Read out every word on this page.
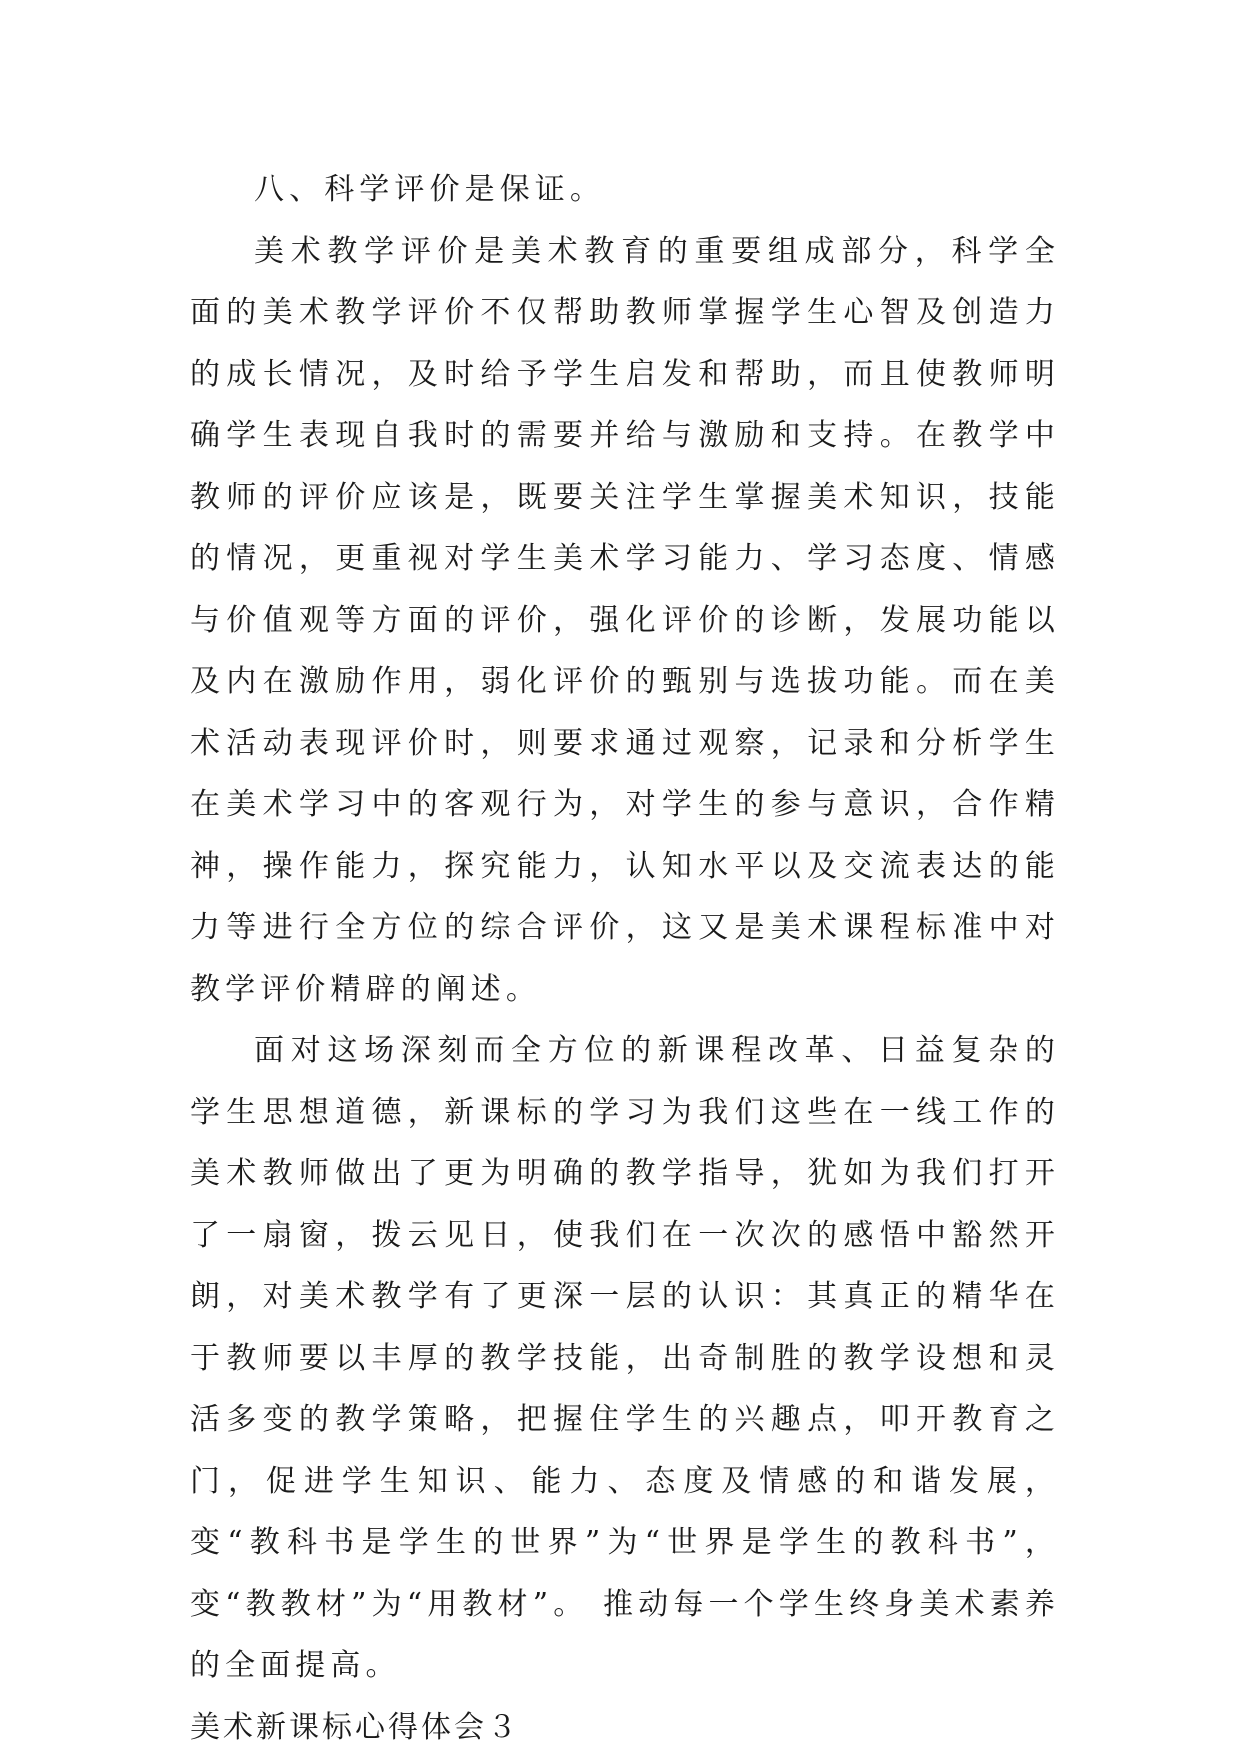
八、科学评价是保证。

美术教学评价是美术教育的重要组成部分，科学全面的美术教学评价不仅帮助教师掌握学生心智及创造力的成长情况，及时给予学生启发和帮助，而且使教师明确学生表现自我时的需要并给与激励和支持。在教学中教师的评价应该是，既要关注学生掌握美术知识，技能的情况，更重视对学生美术学习能力、学习态度、情感与价值观等方面的评价，强化评价的诊断，发展功能以及内在激励作用，弱化评价的甄别与选拔功能。而在美术活动表现评价时，则要求通过观察，记录和分析学生在美术学习中的客观行为，对学生的参与意识，合作精神，操作能力，探究能力，认知水平以及交流表达的能力等进行全方位的综合评价，这又是美术课程标准中对教学评价精辟的阐述。

面对这场深刻而全方位的新课程改革、日益复杂的学生思想道德，新课标的学习为我们这些在一线工作的美术教师做出了更为明确的教学指导，犹如为我们打开了一扇窗，拨云见日，使我们在一次次的感悟中豁然开朗，对美术教学有了更深一层的认识：其真正的精华在于教师要以丰厚的教学技能，出奇制胜的教学设想和灵活多变的教学策略，把握住学生的兴趣点，叩开教育之门，促进学生知识、能力、态度及情感的和谐发展，变“教科书是学生的世界”为“世界是学生的教科书”，变“教教材”为“用教材”。 推动每一个学生终身美术素养的全面提高。

美术新课标心得体会３
